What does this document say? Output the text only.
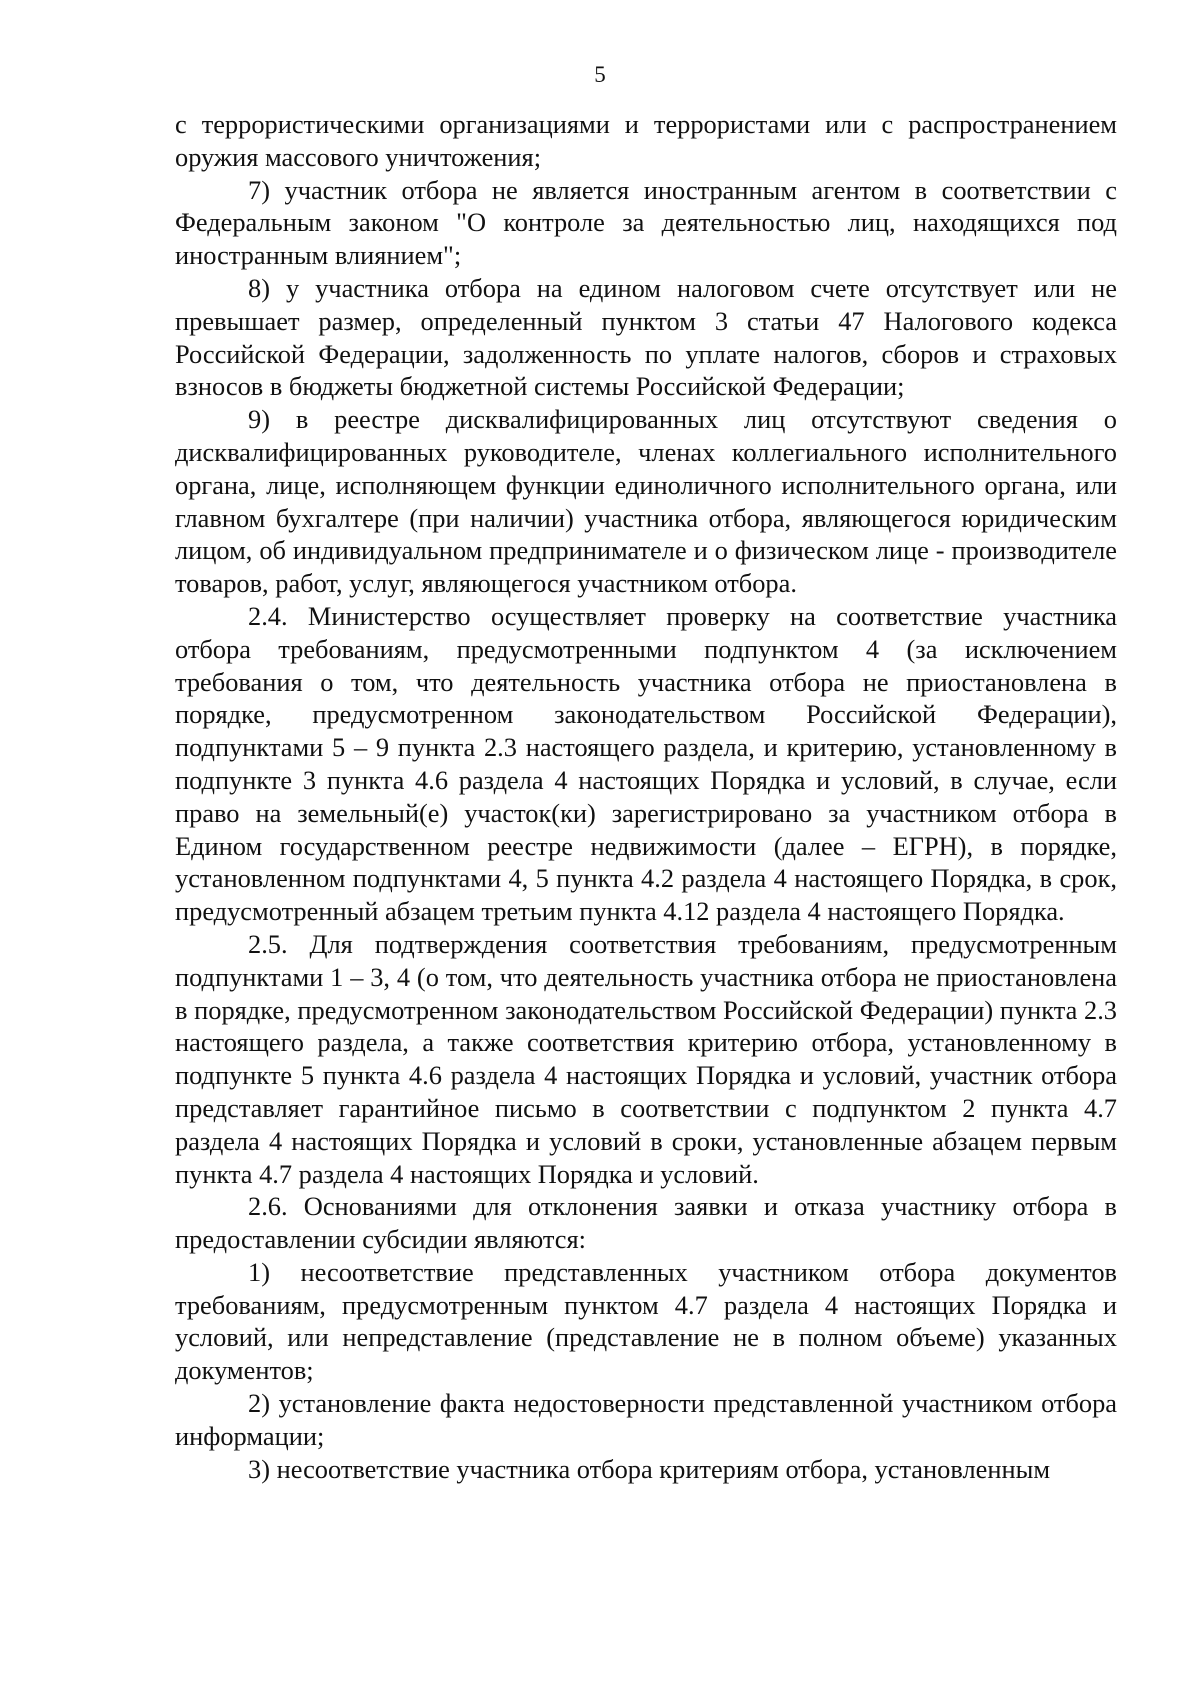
5

с террористическими организациями и террористами или с распространением оружия массового уничтожения;

7) участник отбора не является иностранным агентом в соответствии с Федеральным законом "О контроле за деятельностью лиц, находящихся под иностранным влиянием";

8) у участника отбора на едином налоговом счете отсутствует или не превышает размер, определенный пунктом 3 статьи 47 Налогового кодекса Российской Федерации, задолженность по уплате налогов, сборов и страховых взносов в бюджеты бюджетной системы Российской Федерации;

9) в реестре дисквалифицированных лиц отсутствуют сведения о дисквалифицированных руководителе, членах коллегиального исполнительного органа, лице, исполняющем функции единоличного исполнительного органа, или главном бухгалтере (при наличии) участника отбора, являющегося юридическим лицом, об индивидуальном предпринимателе и о физическом лице - производителе товаров, работ, услуг, являющегося участником отбора.

2.4. Министерство осуществляет проверку на соответствие участника отбора требованиям, предусмотренными подпунктом 4 (за исключением требования о том, что деятельность участника отбора не приостановлена в порядке, предусмотренном законодательством Российской Федерации), подпунктами 5 – 9 пункта 2.3 настоящего раздела, и критерию, установленному в подпункте 3 пункта 4.6 раздела 4 настоящих Порядка и условий, в случае, если право на земельный(е) участок(ки) зарегистрировано за участником отбора в Едином государственном реестре недвижимости (далее – ЕГРН), в порядке, установленном подпунктами 4, 5 пункта 4.2 раздела 4 настоящего Порядка, в срок, предусмотренный абзацем третьим пункта 4.12 раздела 4 настоящего Порядка.

2.5. Для подтверждения соответствия требованиям, предусмотренным подпунктами 1 – 3, 4 (о том, что деятельность участника отбора не приостановлена в порядке, предусмотренном законодательством Российской Федерации) пункта 2.3 настоящего раздела, а также соответствия критерию отбора, установленному в подпункте 5 пункта 4.6 раздела 4 настоящих Порядка и условий, участник отбора представляет гарантийное письмо в соответствии с подпунктом 2 пункта 4.7 раздела 4 настоящих Порядка и условий в сроки, установленные абзацем первым пункта 4.7 раздела 4 настоящих Порядка и условий.

2.6. Основаниями для отклонения заявки и отказа участнику отбора в предоставлении субсидии являются:

1) несоответствие представленных участником отбора документов требованиям, предусмотренным пунктом 4.7 раздела 4 настоящих Порядка и условий, или непредставление (представление не в полном объеме) указанных документов;

2) установление факта недостоверности представленной участником отбора информации;

3) несоответствие участника отбора критериям отбора, установленным
